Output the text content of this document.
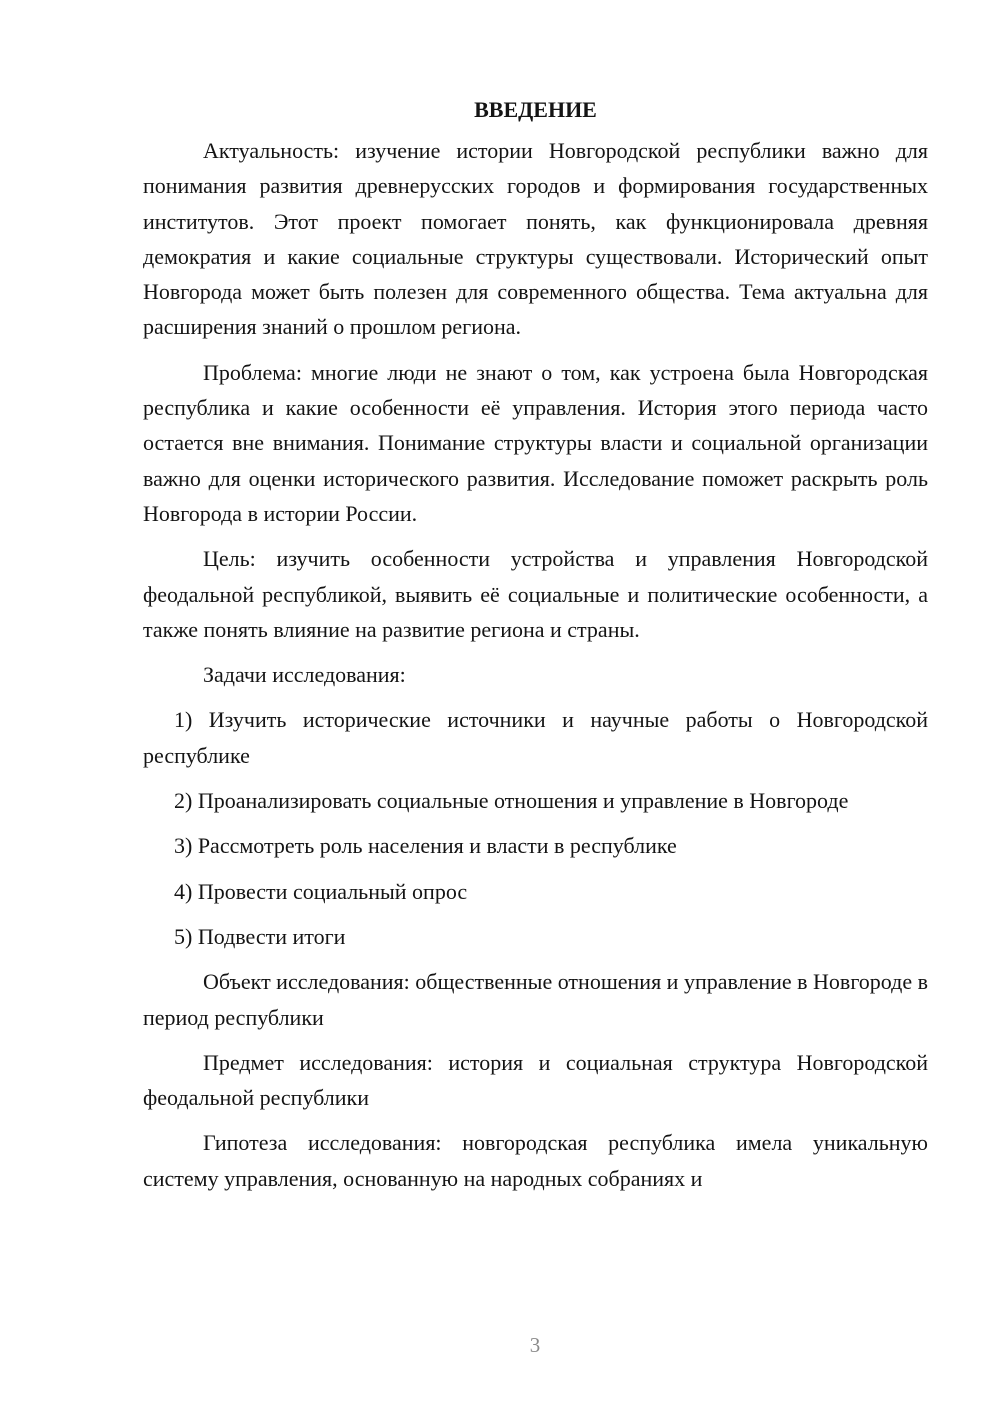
ВВЕДЕНИЕ

Актуальность: изучение истории Новгородской республики важно для понимания развития древнерусских городов и формирования государственных институтов. Этот проект помогает понять, как функционировала древняя демократия и какие социальные структуры существовали. Исторический опыт Новгорода может быть полезен для современного общества. Тема актуальна для расширения знаний о прошлом региона.

Проблема: многие люди не знают о том, как устроена была Новгородская республика и какие особенности её управления. История этого периода часто остается вне внимания. Понимание структуры власти и социальной организации важно для оценки исторического развития. Исследование поможет раскрыть роль Новгорода в истории России.

Цель: изучить особенности устройства и управления Новгородской феодальной республикой, выявить её социальные и политические особенности, а также понять влияние на развитие региона и страны.

Задачи исследования:

1) Изучить исторические источники и научные работы о Новгородской республике

2) Проанализировать социальные отношения и управление в Новгороде

3) Рассмотреть роль населения и власти в республике

4) Провести социальный опрос

5) Подвести итоги

Объект исследования: общественные отношения и управление в Новгороде в период республики

Предмет исследования: история и социальная структура Новгородской феодальной республики

Гипотеза исследования: новгородская республика имела уникальную систему управления, основанную на народных собраниях и

3
